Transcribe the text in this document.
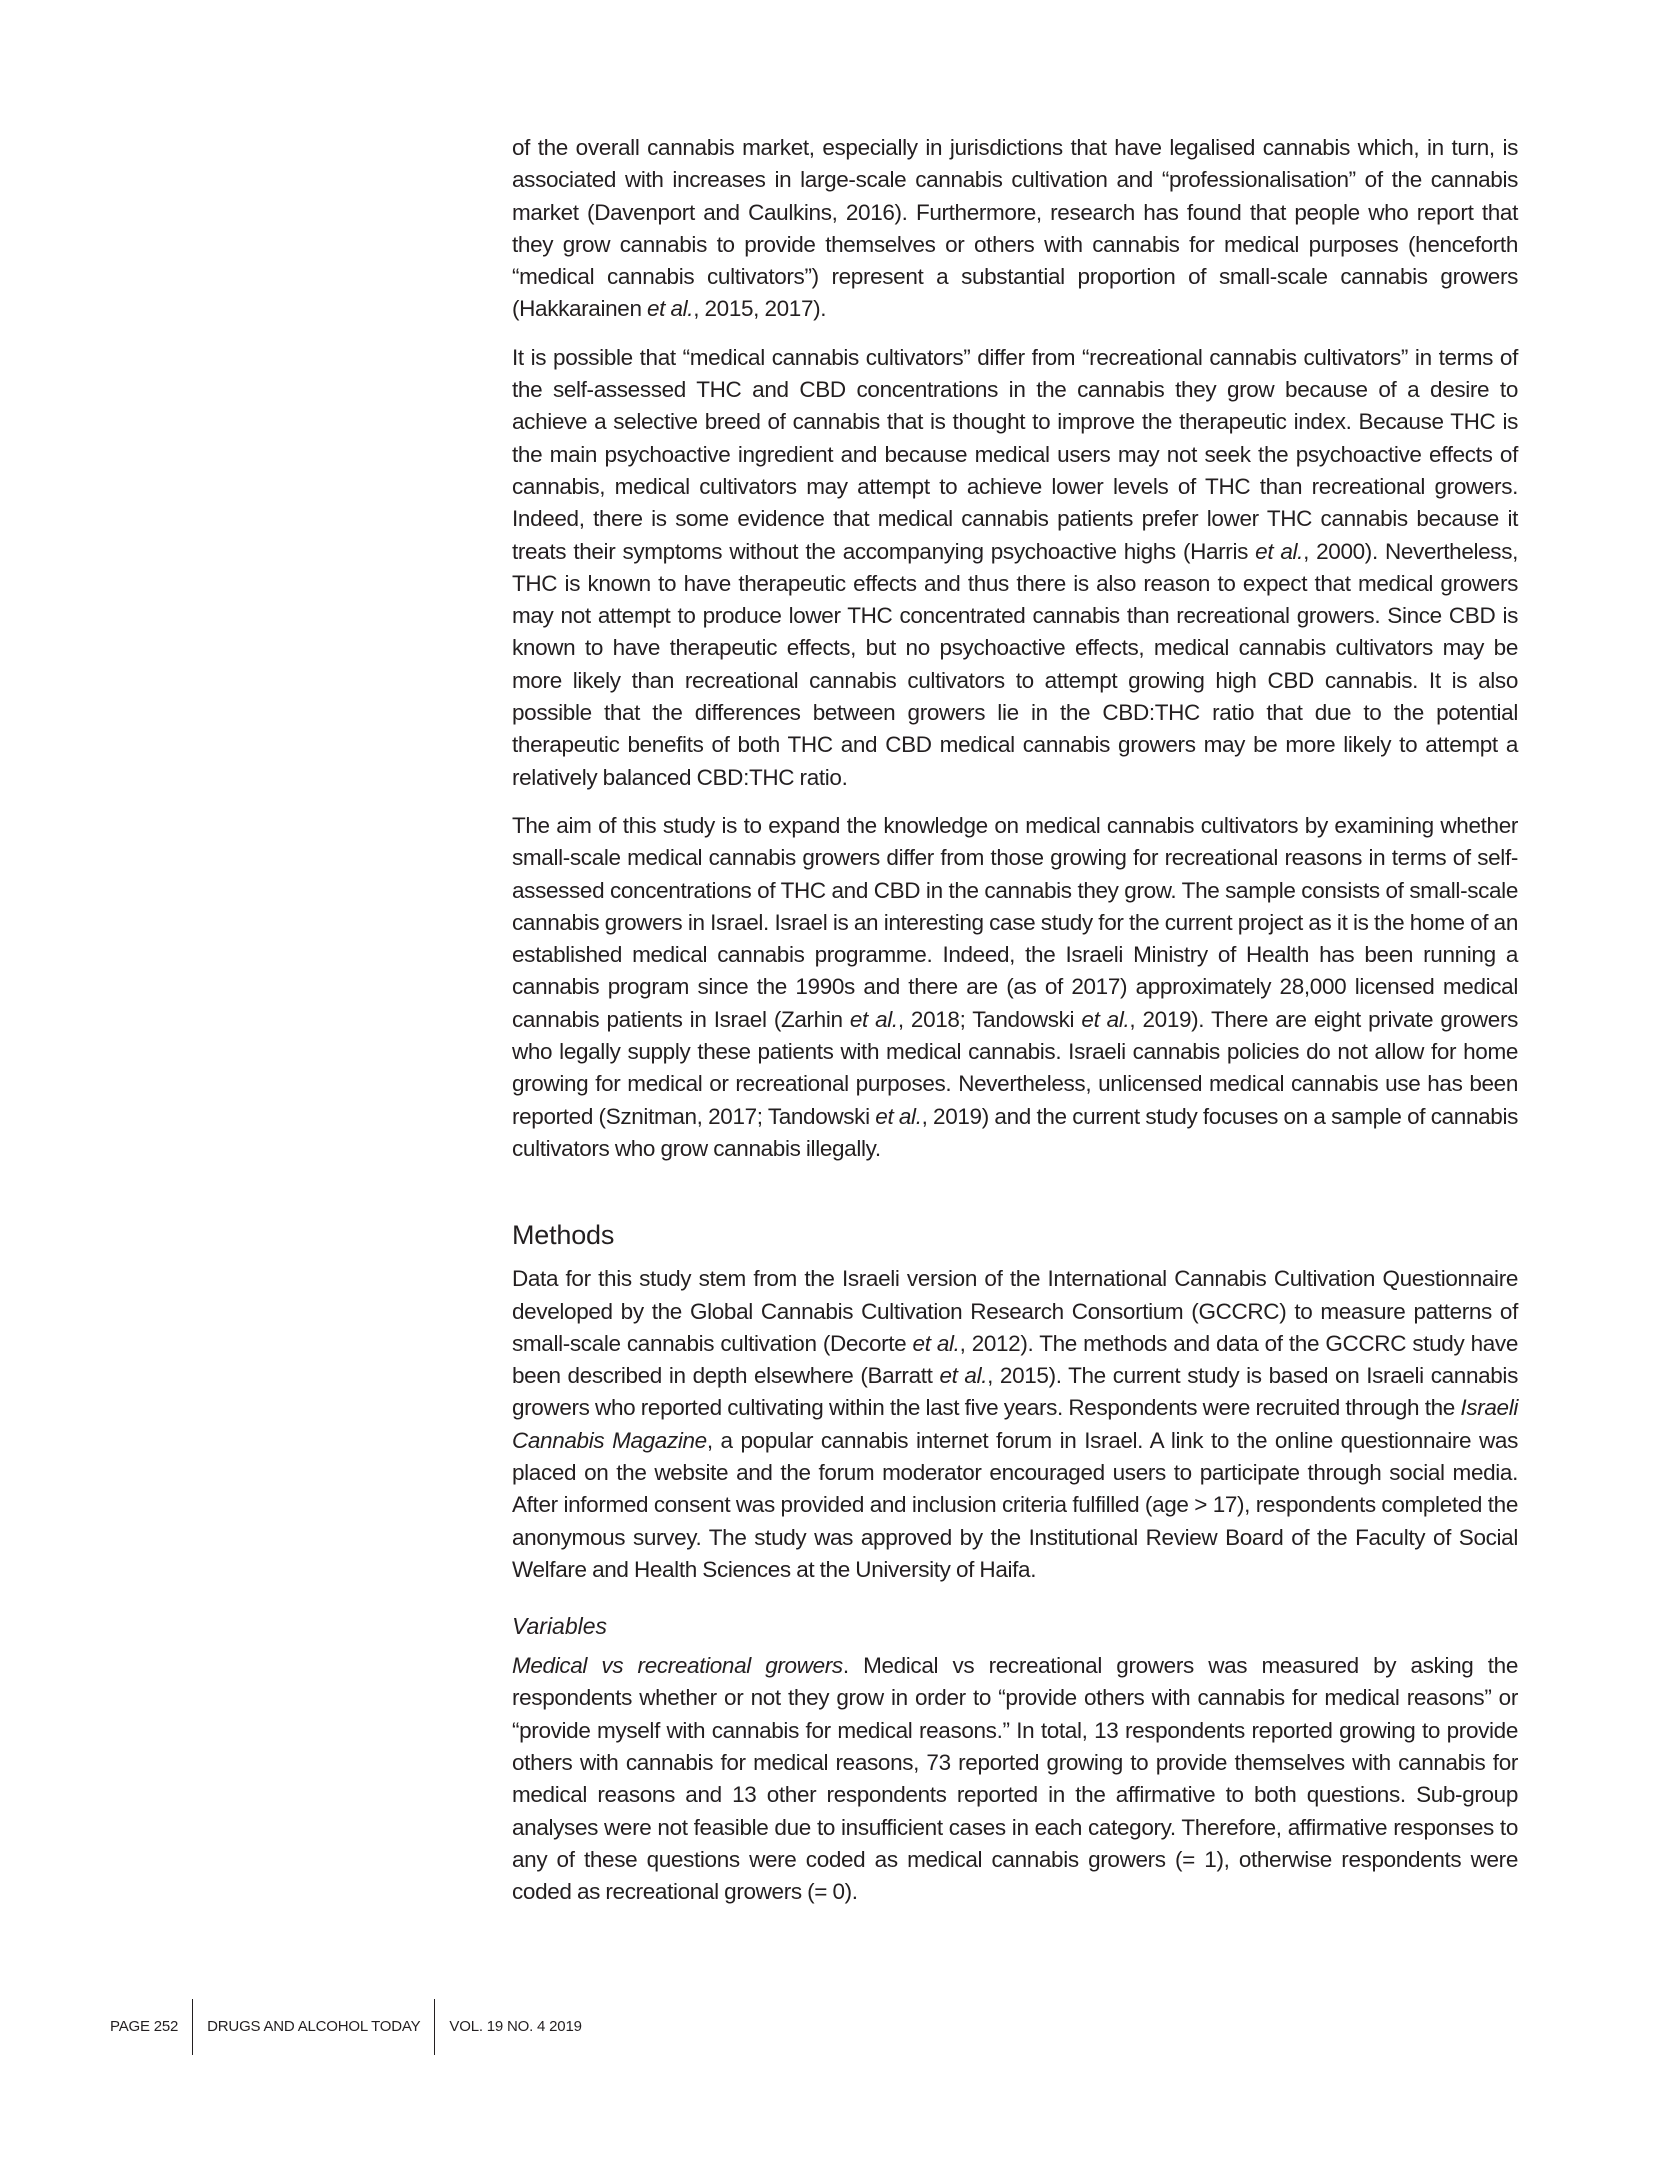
of the overall cannabis market, especially in jurisdictions that have legalised cannabis which, in turn, is associated with increases in large-scale cannabis cultivation and “professionalisation” of the cannabis market (Davenport and Caulkins, 2016). Furthermore, research has found that people who report that they grow cannabis to provide themselves or others with cannabis for medical purposes (henceforth “medical cannabis cultivators”) represent a substantial proportion of small-scale cannabis growers (Hakkarainen et al., 2015, 2017).

It is possible that “medical cannabis cultivators” differ from “recreational cannabis cultivators” in terms of the self-assessed THC and CBD concentrations in the cannabis they grow because of a desire to achieve a selective breed of cannabis that is thought to improve the therapeutic index. Because THC is the main psychoactive ingredient and because medical users may not seek the psychoactive effects of cannabis, medical cultivators may attempt to achieve lower levels of THC than recreational growers. Indeed, there is some evidence that medical cannabis patients prefer lower THC cannabis because it treats their symptoms without the accompanying psychoactive highs (Harris et al., 2000). Nevertheless, THC is known to have therapeutic effects and thus there is also reason to expect that medical growers may not attempt to produce lower THC concentrated cannabis than recreational growers. Since CBD is known to have therapeutic effects, but no psychoactive effects, medical cannabis cultivators may be more likely than recreational cannabis cultivators to attempt growing high CBD cannabis. It is also possible that the differences between growers lie in the CBD:THC ratio that due to the potential therapeutic benefits of both THC and CBD medical cannabis growers may be more likely to attempt a relatively balanced CBD:THC ratio.

The aim of this study is to expand the knowledge on medical cannabis cultivators by examining whether small-scale medical cannabis growers differ from those growing for recreational reasons in terms of self-assessed concentrations of THC and CBD in the cannabis they grow. The sample consists of small-scale cannabis growers in Israel. Israel is an interesting case study for the current project as it is the home of an established medical cannabis programme. Indeed, the Israeli Ministry of Health has been running a cannabis program since the 1990s and there are (as of 2017) approximately 28,000 licensed medical cannabis patients in Israel (Zarhin et al., 2018; Tandowski et al., 2019). There are eight private growers who legally supply these patients with medical cannabis. Israeli cannabis policies do not allow for home growing for medical or recreational purposes. Nevertheless, unlicensed medical cannabis use has been reported (Sznitman, 2017; Tandowski et al., 2019) and the current study focuses on a sample of cannabis cultivators who grow cannabis illegally.

Methods

Data for this study stem from the Israeli version of the International Cannabis Cultivation Questionnaire developed by the Global Cannabis Cultivation Research Consortium (GCCRC) to measure patterns of small-scale cannabis cultivation (Decorte et al., 2012). The methods and data of the GCCRC study have been described in depth elsewhere (Barratt et al., 2015). The current study is based on Israeli cannabis growers who reported cultivating within the last five years. Respondents were recruited through the Israeli Cannabis Magazine, a popular cannabis internet forum in Israel. A link to the online questionnaire was placed on the website and the forum moderator encouraged users to participate through social media. After informed consent was provided and inclusion criteria fulfilled (age > 17), respondents completed the anonymous survey. The study was approved by the Institutional Review Board of the Faculty of Social Welfare and Health Sciences at the University of Haifa.

Variables

Medical vs recreational growers. Medical vs recreational growers was measured by asking the respondents whether or not they grow in order to “provide others with cannabis for medical reasons” or “provide myself with cannabis for medical reasons.” In total, 13 respondents reported growing to provide others with cannabis for medical reasons, 73 reported growing to provide themselves with cannabis for medical reasons and 13 other respondents reported in the affirmative to both questions. Sub-group analyses were not feasible due to insufficient cases in each category. Therefore, affirmative responses to any of these questions were coded as medical cannabis growers (= 1), otherwise respondents were coded as recreational growers (= 0).

PAGE 252	DRUGS AND ALCOHOL TODAY	VOL. 19 NO. 4 2019
